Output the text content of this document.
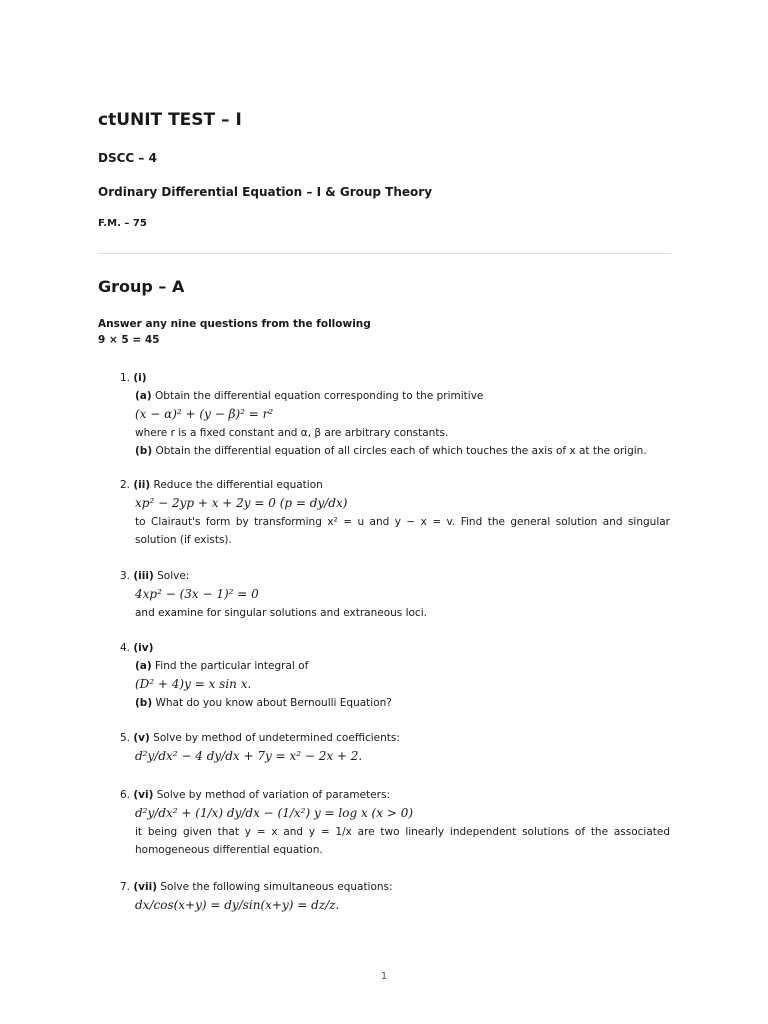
ctUNIT TEST – I
DSCC – 4
Ordinary Differential Equation – I & Group Theory
F.M. – 75
Group – A
Answer any nine questions from the following
9 × 5 = 45
1. (i)
(a) Obtain the differential equation corresponding to the primitive
(x − α)² + (y − β)² = r²
where r is a fixed constant and α, β are arbitrary constants.
(b) Obtain the differential equation of all circles each of which touches the axis of x at the origin.
2. (ii) Reduce the differential equation
xp² − 2yp + x + 2y = 0 (p = dy/dx)
to Clairaut's form by transforming x² = u and y − x = v. Find the general solution and singular solution (if exists).
3. (iii) Solve:
4xp² − (3x − 1)² = 0
and examine for singular solutions and extraneous loci.
4. (iv)
(a) Find the particular integral of
(D² + 4)y = x sin x.
(b) What do you know about Bernoulli Equation?
5. (v) Solve by method of undetermined coefficients:
d²y/dx² − 4 dy/dx + 7y = x² − 2x + 2.
6. (vi) Solve by method of variation of parameters:
d²y/dx² + (1/x) dy/dx − (1/x²) y = log x (x > 0)
it being given that y = x and y = 1/x are two linearly independent solutions of the associated homogeneous differential equation.
7. (vii) Solve the following simultaneous equations:
dx/cos(x+y) = dy/sin(x+y) = dz/z.
1
